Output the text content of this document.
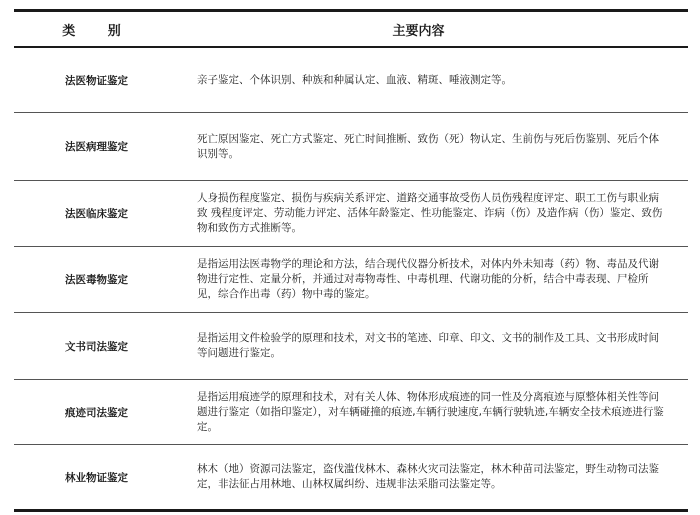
类 别	主要内容
法医物证鉴定	亲子鉴定、个体识别、种族和种属认定、血液、精斑、唾液测定等。
法医病理鉴定
死亡原因鉴定、死亡方式鉴定、死亡时间推断、致伤（死）物认定、生前伤与死后伤鉴别、死后个体识别等。
法医临床鉴定
人身损伤程度鉴定、损伤与疾病关系评定、道路交通事故受伤人员伤残程度评定、职工工伤与职业病致 残程度评定、劳动能力评定、活体年龄鉴定、性功能鉴定、诈病（伤）及造作病（伤）鉴定、致伤物和致伤方式推断等。
法医毒物鉴定
是指运用法医毒物学的理论和方法，结合现代仪器分析技术，对体内外未知毒（药）物、毒品及代谢物进行定性、定量分析，并通过对毒物毒性、中毒机理、代谢功能的分析，结合中毒表现、尸检所见，综合作出毒（药）物中毒的鉴定。
文书司法鉴定
是指运用文件检验学的原理和技术，对文书的笔迹、印章、印文、文书的制作及工具、文书形成时间等问题进行鉴定。
痕迹司法鉴定
是指运用痕迹学的原理和技术，对有关人体、物体形成痕迹的同一性及分离痕迹与原整体相关性等问题进行鉴定（如指印鉴定），对车辆碰撞的痕迹,车辆行驶速度,车辆行驶轨迹,车辆安全技术痕迹进行鉴定。
林业物证鉴定
林木（地）资源司法鉴定，盗伐滥伐林木、森林火灾司法鉴定，林木种苗司法鉴定，野生动物司法鉴定，非法征占用林地、山林权属纠纷、违规非法采脂司法鉴定等。
